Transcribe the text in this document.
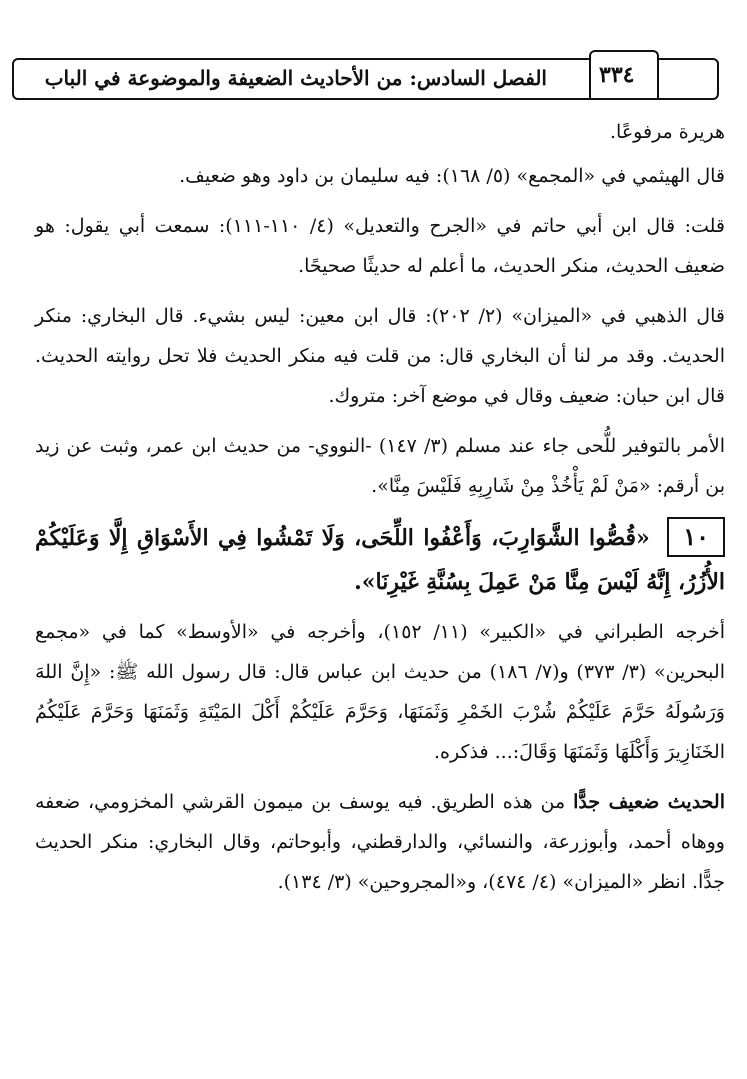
٣٣٤
الفصل السادس: من الأحاديث الضعيفة والموضوعة في الباب

هريرة مرفوعًا.

قال الهيثمي في «المجمع» (٥/ ١٦٨): فيه سليمان بن داود وهو ضعيف.

قلت: قال ابن أبي حاتم في «الجرح والتعديل» (٤/ ١١٠-١١١): سمعت أبي يقول: هو ضعيف الحديث، منكر الحديث، ما أعلم له حديثًا صحيحًا.

قال الذهبي في «الميزان» (٢/ ٢٠٢): قال ابن معين: ليس بشيء. قال البخاري: منكر الحديث. وقد مر لنا أن البخاري قال: من قلت فيه منكر الحديث فلا تحل روايته الحديث. قال ابن حبان: ضعيف وقال في موضع آخر: متروك.

الأمر بالتوفير للُّحى جاء عند مسلم (٣/ ١٤٧) -النووي- من حديث ابن عمر، وثبت عن زيد بن أرقم: «مَنْ لَمْ يَأْخُذْ مِنْ شَارِبِهِ فَلَيْسَ مِنَّا».

١٠ «قُصُّوا الشَّوَارِبَ، وَأَعْفُوا اللِّحَى، وَلَا تَمْشُوا فِي الأَسْوَاقِ إِلَّا وَعَلَيْكُمْ الأُزُرُ، إِنَّهُ لَيْسَ مِنَّا مَنْ عَمِلَ بِسُنَّةِ غَيْرِنَا».

أخرجه الطبراني في «الكبير» (١١/ ١٥٢)، وأخرجه في «الأوسط» كما في «مجمع البحرين» (٣/ ٣٧٣) و(٧/ ١٨٦) من حديث ابن عباس قال: قال رسول الله ﷺ: «إِنَّ اللهَ وَرَسُولَهُ حَرَّمَ عَلَيْكُمْ شُرْبَ الخَمْرِ وَثَمَنَهَا، وَحَرَّمَ عَلَيْكُمْ أَكْلَ المَيْتَةِ وَثَمَنَهَا وَحَرَّمَ عَلَيْكُمُ الخَنَازِيرَ وَأَكْلَهَا وَثَمَنَهَا وَقَالَ:... فذكره.

الحديث ضعيف جدًّا من هذه الطريق. فيه يوسف بن ميمون القرشي المخزومي، ضعفه ووهاه أحمد، وأبوزرعة، والنسائي، والدارقطني، وأبوحاتم، وقال البخاري: منكر الحديث جدًّا. انظر «الميزان» (٤/ ٤٧٤)، و«المجروحين» (٣/ ١٣٤).
